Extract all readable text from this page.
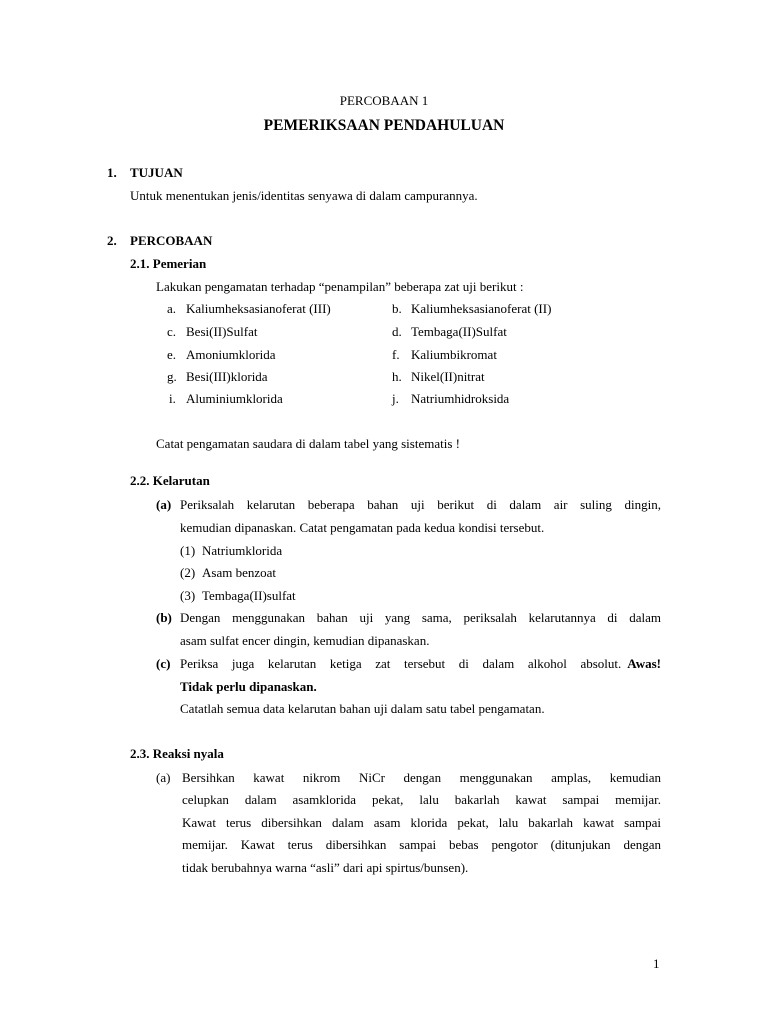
PERCOBAAN 1
PEMERIKSAAN PENDAHULUAN
1. TUJUAN
Untuk menentukan jenis/identitas senyawa di dalam campurannya.
2. PERCOBAAN
2.1. Pemerian
Lakukan pengamatan terhadap “penampilan” beberapa zat uji berikut :
a. Kaliumheksasianoferat (III)	b. Kaliumheksasianoferat (II)
c. Besi(II)Sulfat	d. Tembaga(II)Sulfat
e. Amoniumklorida	f. Kaliumbikromat
g. Besi(III)klorida	h. Nikel(II)nitrat
i. Aluminiumklorida	j. Natriumhidroksida
Catat pengamatan saudara di dalam tabel yang sistematis !
2.2. Kelarutan
(a) Periksalah kelarutan beberapa bahan uji berikut di dalam air suling dingin,
kemudian dipanaskan. Catat pengamatan pada kedua kondisi tersebut.
(1) Natriumklorida
(2) Asam benzoat
(3) Tembaga(II)sulfat
(b) Dengan menggunakan bahan uji yang sama, periksalah kelarutannya di dalam
asam sulfat encer dingin, kemudian dipanaskan.
(c) Periksa juga kelarutan ketiga zat tersebut di dalam alkohol absolut. Awas!
Tidak perlu dipanaskan.
Catatlah semua data kelarutan bahan uji dalam satu tabel pengamatan.
2.3. Reaksi nyala
(a) Bersihkan kawat nikrom NiCr dengan menggunakan amplas, kemudian
celupkan dalam asamklorida pekat, lalu bakarlah kawat sampai memijar.
Kawat terus dibersihkan dalam asam klorida pekat, lalu bakarlah kawat sampai
memijar. Kawat terus dibersihkan sampai bebas pengotor (ditunjukan dengan
tidak berubahnya warna “asli” dari api spirtus/bunsen).
1
